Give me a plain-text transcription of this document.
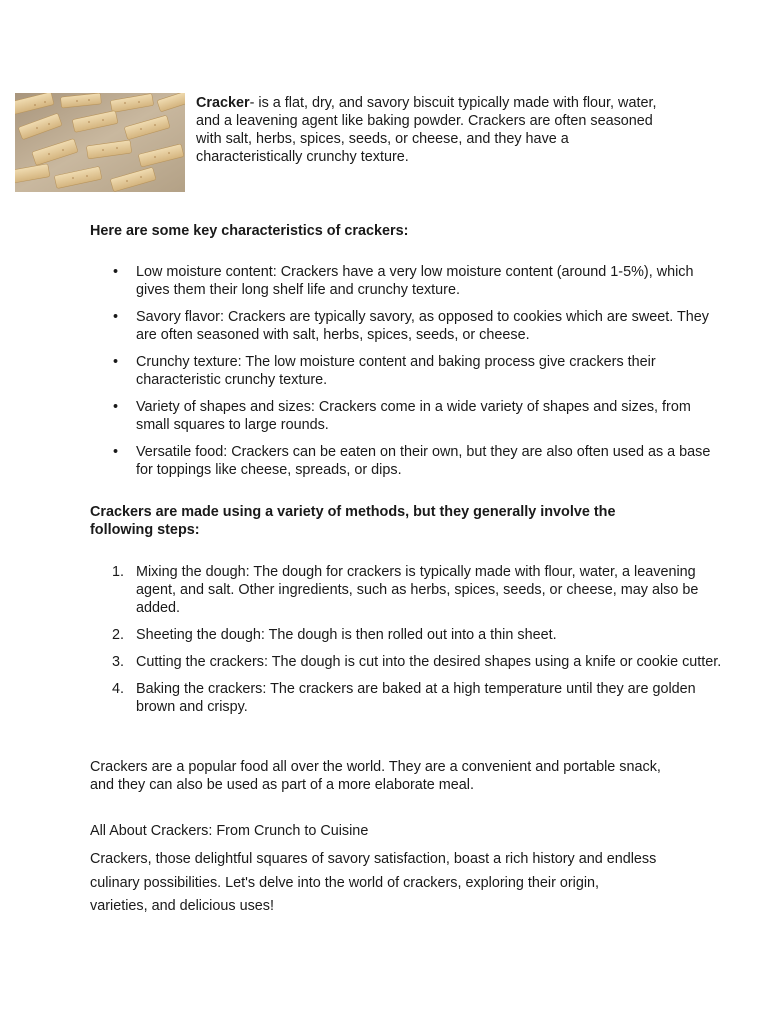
Cracker- is a flat, dry, and savory biscuit typically made with flour, water, and a leavening agent like baking powder. Crackers are often seasoned with salt, herbs, spices, seeds, or cheese, and they have a characteristically crunchy texture.

Here are some key characteristics of crackers:

• Low moisture content: Crackers have a very low moisture content (around 1-5%), which gives them their long shelf life and crunchy texture.
• Savory flavor: Crackers are typically savory, as opposed to cookies which are sweet. They are often seasoned with salt, herbs, spices, seeds, or cheese.
• Crunchy texture: The low moisture content and baking process give crackers their characteristic crunchy texture.
• Variety of shapes and sizes: Crackers come in a wide variety of shapes and sizes, from small squares to large rounds.
• Versatile food: Crackers can be eaten on their own, but they are also often used as a base for toppings like cheese, spreads, or dips.

Crackers are made using a variety of methods, but they generally involve the following steps:

1. Mixing the dough: The dough for crackers is typically made with flour, water, a leavening agent, and salt. Other ingredients, such as herbs, spices, seeds, or cheese, may also be added.
2. Sheeting the dough: The dough is then rolled out into a thin sheet.
3. Cutting the crackers: The dough is cut into the desired shapes using a knife or cookie cutter.
4. Baking the crackers: The crackers are baked at a high temperature until they are golden brown and crispy.

Crackers are a popular food all over the world. They are a convenient and portable snack, and they can also be used as part of a more elaborate meal.

All About Crackers: From Crunch to Cuisine

Crackers, those delightful squares of savory satisfaction, boast a rich history and endless culinary possibilities. Let's delve into the world of crackers, exploring their origin, varieties, and delicious uses!
